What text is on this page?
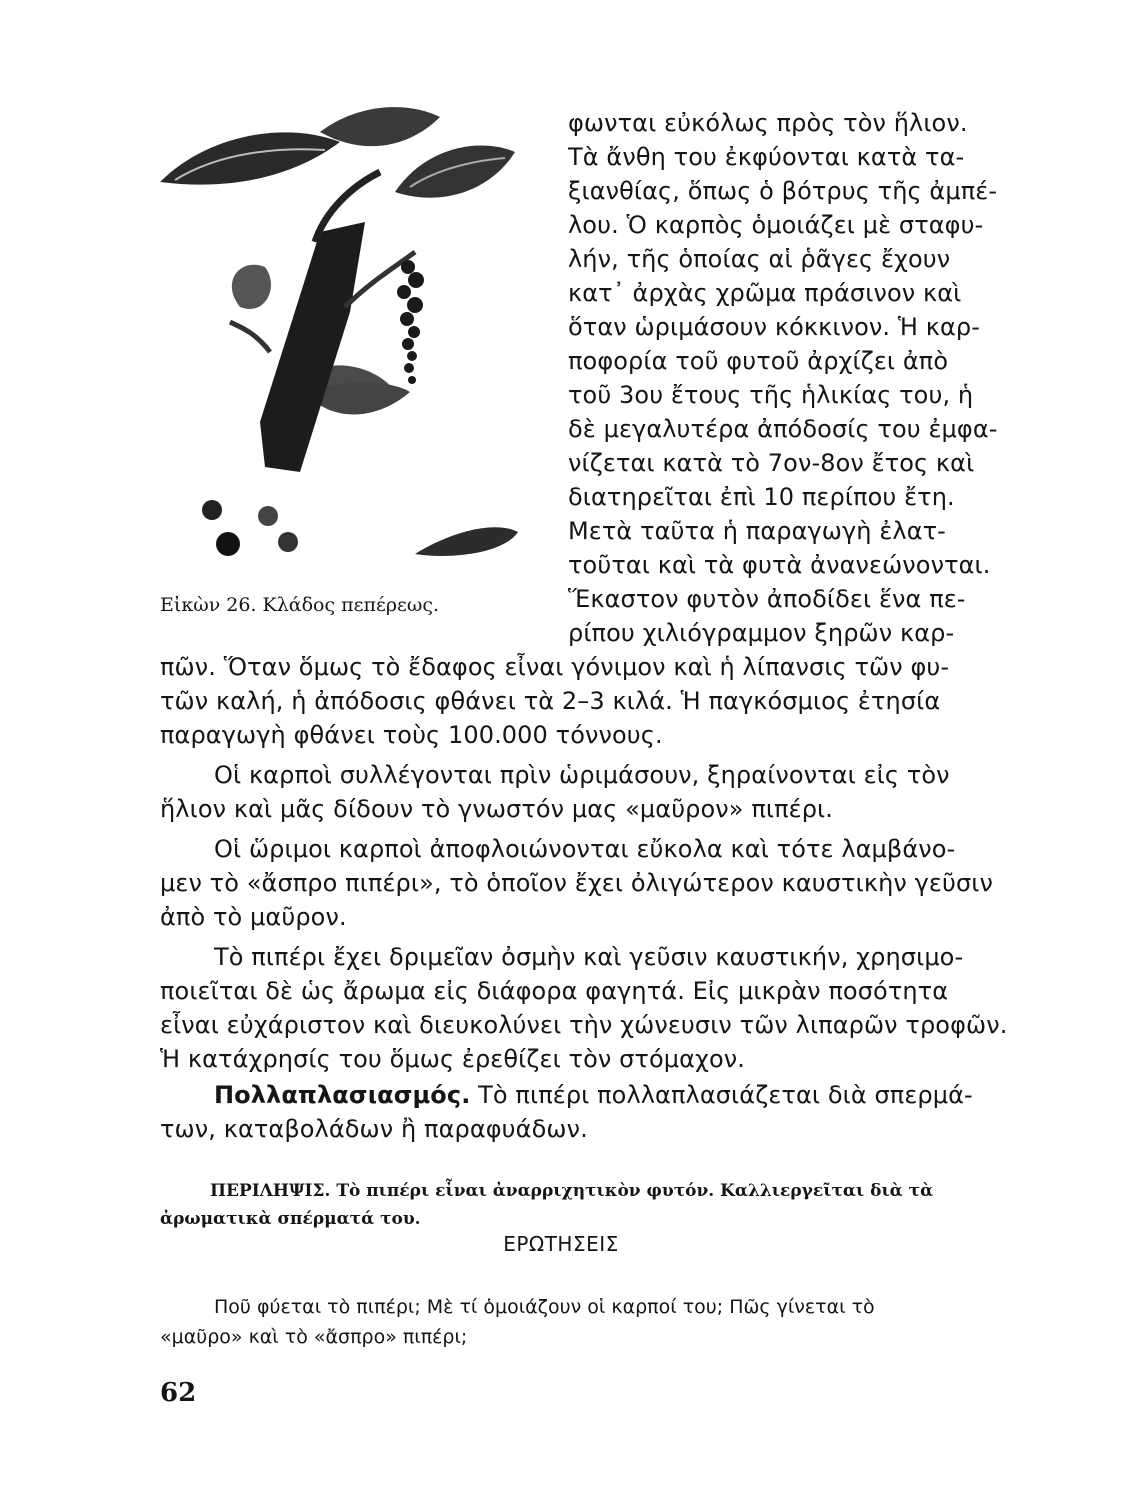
Εἰκὼν 26. Κλάδος πεπέρεως.

φωνται εὐκόλως πρὸς τὸν ἥλιον.

Τὰ ἄνθη του ἐκφύονται κατὰ τα-

ξιανθίας, ὅπως ὁ βότρυς τῆς ἀμπέ-

λου. Ὁ καρπὸς ὁμοιάζει μὲ σταφυ-

λήν, τῆς ὁποίας αἱ ῥᾶγες ἔχουν

κατ᾿ ἀρχὰς χρῶμα πράσινον καὶ

ὅταν ὡριμάσουν κόκκινον. Ἡ καρ-

ποφορία τοῦ φυτοῦ ἀρχίζει ἀπὸ

τοῦ 3ου ἔτους τῆς ἡλικίας του, ἡ

δὲ μεγαλυτέρα ἀπόδοσίς του ἐμφα-

νίζεται κατὰ τὸ 7ον-8ον ἔτος καὶ

διατηρεῖται ἐπὶ 10 περίπου ἔτη.

Μετὰ ταῦτα ἡ παραγωγὴ ἐλατ-

τοῦται καὶ τὰ φυτὰ ἀνανεώνονται.

Ἕκαστον φυτὸν ἀποδίδει ἕνα πε-

ρίπου χιλιόγραμμον ξηρῶν καρ-

πῶν. Ὅταν ὅμως τὸ ἔδαφος εἶναι γόνιμον καὶ ἡ λίπανσις τῶν φυ-

τῶν καλή, ἡ ἀπόδοσις φθάνει τὰ 2–3 κιλά. Ἡ παγκόσμιος ἐτησία

παραγωγὴ φθάνει τοὺς 100.000 τόννους.

Οἱ καρποὶ συλλέγονται πρὶν ὡριμάσουν, ξηραίνονται εἰς τὸν

ἥλιον καὶ μᾶς δίδουν τὸ γνωστόν μας «μαῦρον» πιπέρι.

Οἱ ὥριμοι καρποὶ ἀποφλοιώνονται εὔκολα καὶ τότε λαμβάνο-

μεν τὸ «ἄσπρο πιπέρι», τὸ ὁποῖον ἔχει ὀλιγώτερον καυστικὴν γεῦσιν

ἀπὸ τὸ μαῦρον.

Τὸ πιπέρι ἔχει δριμεῖαν ὀσμὴν καὶ γεῦσιν καυστικήν, χρησιμο-

ποιεῖται δὲ ὡς ἄρωμα εἰς διάφορα φαγητά. Εἰς μικρὰν ποσότητα

εἶναι εὐχάριστον καὶ διευκολύνει τὴν χώνευσιν τῶν λιπαρῶν τροφῶν.

Ἡ κατάχρησίς του ὅμως ἐρεθίζει τὸν στόμαχον.

Πολλαπλασιασμός. Τὸ πιπέρι πολλαπλασιάζεται διὰ σπερμά-

των, καταβολάδων ἢ παραφυάδων.

ΠΕΡΙΛΗΨΙΣ. Τὸ πιπέρι εἶναι ἀναρριχητικὸν φυτόν. Καλλιεργεῖται διὰ τὰ

ἀρωματικὰ σπέρματά του.

ΕΡΩΤΗΣΕΙΣ

Ποῦ φύεται τὸ πιπέρι; Μὲ τί ὁμοιάζουν οἱ καρποί του; Πῶς γίνεται τὸ

«μαῦρο» καὶ τὸ «ἄσπρο» πιπέρι;

62
